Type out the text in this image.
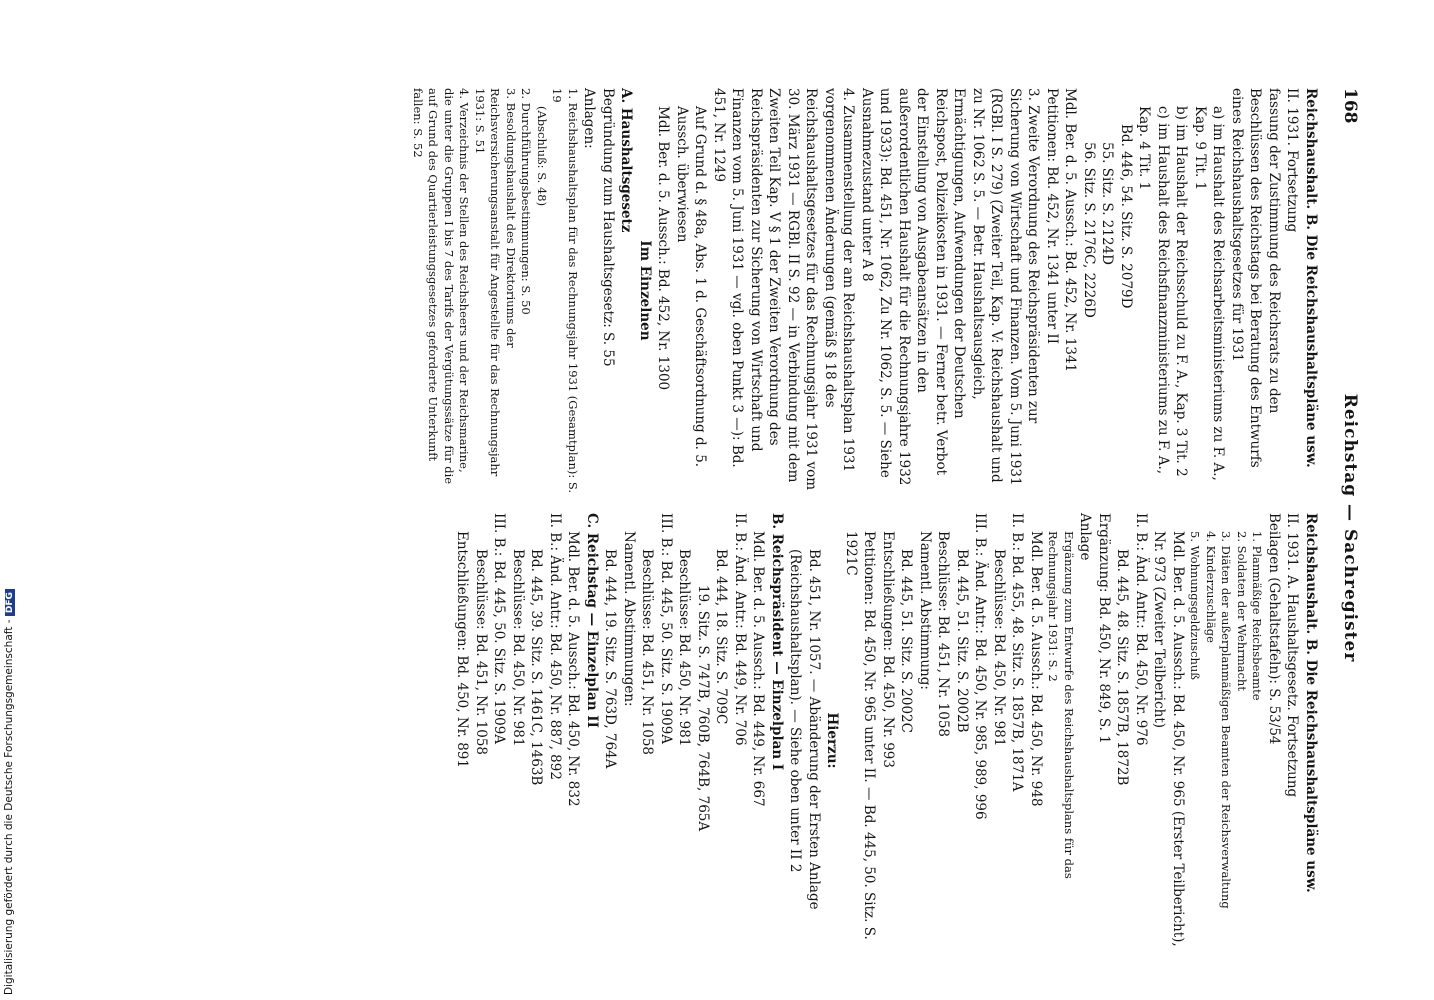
168
Reichstag — Sachregister

Reichshaushalt. B. Die Reichshaushaltspläne usw.

II. 1931. Fortsetzung

fassung der Zustimmung des Reichsrats zu den Beschlüssen des Reichstags bei Beratung des Entwurfs eines Reichshaushaltsgesetzes für 1931

a) im Haushalt des Reichsarbeitsministeriums zu F. A., Kap. 9 Tit. 1

b) im Haushalt der Reichsschuld zu F. A., Kap. 3 Tit. 2

c) im Haushalt des Reichsfinanzministeriums zu F. A., Kap. 4 Tit. 1

Bd. 446, 54. Sitz. S. 2079D

55. Sitz. S. 2124D

56. Sitz. S. 2176C, 2226D

Mdl. Ber. d. 5. Aussch.: Bd. 452, Nr. 1341

Petitionen: Bd. 452, Nr. 1341 unter II

3. Zweite Verordnung des Reichspräsidenten zur Sicherung von Wirtschaft und Finanzen. Vom 5. Juni 1931 (RGBl. I S. 279) (Zweiter Teil, Kap. V: Reichshaushalt und zu Nr. 1062 S. 5. — Betr. Haushaltsausgleich, Ermächtigungen, Aufwendungen der Deutschen Reichspost, Polizeikosten in 1931. — Ferner betr. Verbot der Einstellung von Ausgabeansätzen in den außerordentlichen Haushalt für die Rechnungsjahre 1932 und 1933): Bd. 451, Nr. 1062, Zu Nr. 1062, S. 5. — Siehe Ausnahmezustand unter A 8

4. Zusammenstellung der am Reichshaushaltsplan 1931 vorgenommenen Änderungen (gemäß § 18 des Reichshaushaltsgesetzes für das Rechnungsjahr 1931 vom 30. März 1931 — RGBl. II S. 92 — in Verbindung mit dem Zweiten Teil Kap. V § 1 der Zweiten Verordnung des Reichspräsidenten zur Sicherung von Wirtschaft und Finanzen vom 5. Juni 1931 — vgl. oben Punkt 3 —): Bd. 451, Nr. 1249

Auf Grund d. § 48a, Abs. 1 d. Geschäftsordnung d. 5. Aussch. überwiesen

Mdl. Ber. d. 5. Aussch.: Bd. 452, Nr. 1300

Im Einzelnen

A. Haushaltsgesetz

Begründung zum Haushaltsgesetz: S. 55

Anlagen:

1. Reichshaushaltsplan für das Rechnungsjahr 1931 (Gesamtplan): S. 19

(Abschluß: S. 48)

2. Durchführungsbestimmungen: S. 50

3. Besoldungshaushalt des Direktoriums der Reichsversicherungsanstalt für Angestellte für das Rechnungsjahr 1931: S. 51

4. Verzeichnis der Stellen des Reichsheers und der Reichsmarine, die unter die Gruppen I bis 7 des Tarifs der Vergütungssätze für die auf Grund des Quartierleistungsgesetzes geforderte Unterkunft fallen: S. 52

Reichshaushalt. B. Die Reichshaushaltspläne usw.

II. 1931. A. Haushaltsgesetz. Fortsetzung

Beilagen (Gehaltstafeln): S. 53/54

1. Planmäßige Reichsbeamte

2. Soldaten der Wehrmacht

3. Diäten der außerplanmäßigen Beamten der Reichsverwaltung

4. Kinderzuschläge

5. Wohnungsgeldzuschuß

Mdl. Ber. d. 5. Aussch.: Bd. 450, Nr. 965 (Erster Teilbericht), Nr. 973 (Zweiter Teilbericht)

II. B.: Änd. Antr.: Bd. 450, Nr. 976

Bd. 445, 48. Sitz. S. 1857B, 1872B

Ergänzung: Bd. 450, Nr. 849, S. 1

Anlage

Ergänzung zum Entwurfe des Reichshaushaltsplans für das Rechnungsjahr 1931: S. 2

Mdl. Ber. d. 5. Aussch.: Bd. 450, Nr. 948

II. B.: Bd. 455, 48. Sitz. S. 1857B, 1871A

Beschlüsse: Bd. 450, Nr. 981

III. B.: Änd. Antr.: Bd. 450, Nr. 985, 989, 996

Bd. 445, 51. Sitz. S. 2002B

Beschlüsse: Bd. 451, Nr. 1058

Namentl. Abstimmung:

Bd. 445, 51. Sitz. S. 2002C

Entschließungen: Bd. 450, Nr. 993

Petitionen: Bd. 450, Nr. 965 unter II. — Bd. 445, 50. Sitz. S. 1921C

Hierzu:

Bd. 451, Nr. 1057. — Abänderung der Ersten Anlage (Reichshaushaltsplan). — Siehe oben unter II 2

B. Reichspräsident — Einzelplan I

Mdl. Ber. d. 5. Aussch.: Bd. 449, Nr. 667

II. B.: Änd. Antr.: Bd. 449, Nr. 706

Bd. 444, 18. Sitz. S. 709C

19. Sitz. S. 747B, 760B, 764B, 765A

Beschlüsse: Bd. 450, Nr. 981

III. B.: Bd. 445, 50. Sitz. S. 1909A

Beschlüsse: Bd. 451, Nr. 1058

Namentl. Abstimmungen:

Bd. 444, 19. Sitz. S. 763D, 764A

C. Reichstag — Einzelplan II

Mdl. Ber. d. 5. Aussch.: Bd. 450, Nr. 832

II. B.: Änd. Antr.: Bd. 450, Nr. 887, 892

Bd. 445, 39. Sitz. S. 1461C, 1463B

Beschlüsse: Bd. 450, Nr. 981

III. B.: Bd. 445, 50. Sitz. S. 1909A

Beschlüsse: Bd. 451, Nr. 1058

Entschließungen: Bd. 450, Nr. 891

Digitalisierung gefördert durch die Deutsche Forschungsgemeinschaft - DFG
